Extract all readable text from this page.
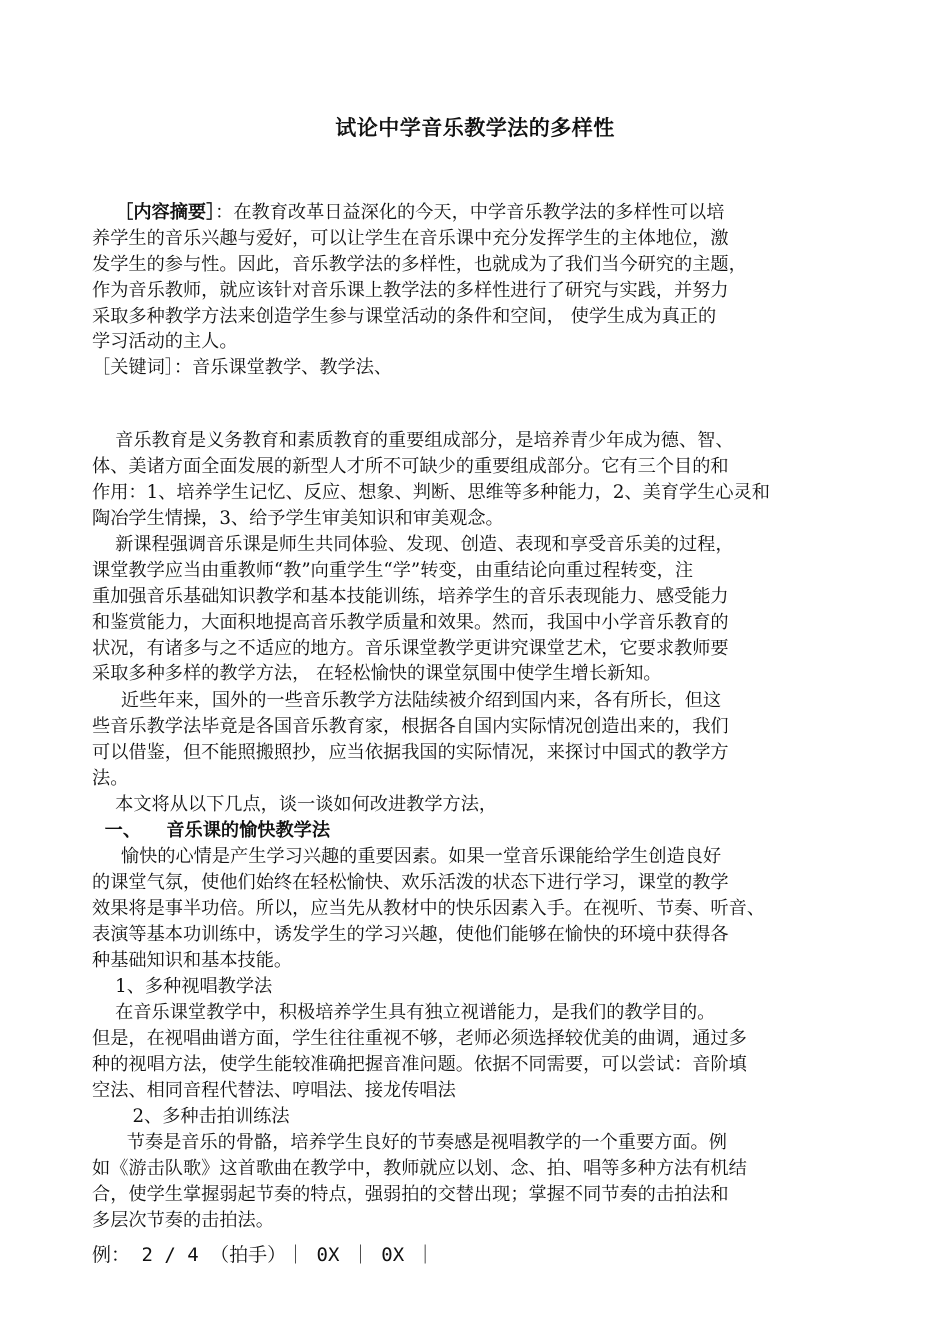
试论中学音乐教学法的多样性
［内容摘要］：在教育改革日益深化的今天，中学音乐教学法的多样性可以培
养学生的音乐兴趣与爱好，可以让学生在音乐课中充分发挥学生的主体地位，激
发学生的参与性。因此，音乐教学法的多样性，也就成为了我们当今研究的主题，
作为音乐教师，就应该针对音乐课上教学法的多样性进行了研究与实践，并努力
采取多种教学方法来创造学生参与课堂活动的条件和空间， 使学生成为真正的
学习活动的主人。
［关键词］：音乐课堂教学、教学法、
音乐教育是义务教育和素质教育的重要组成部分，是培养青少年成为德、智、
体、美诸方面全面发展的新型人才所不可缺少的重要组成部分。它有三个目的和
作用：1、培养学生记忆、反应、想象、判断、思维等多种能力，2、美育学生心灵和
陶冶学生情操，3、给予学生审美知识和审美观念。
新课程强调音乐课是师生共同体验、发现、创造、表现和享受音乐美的过程，
课堂教学应当由重教师“教”向重学生“学”转变，由重结论向重过程转变，注
重加强音乐基础知识教学和基本技能训练，培养学生的音乐表现能力、感受能力
和鉴赏能力，大面积地提高音乐教学质量和效果。然而，我国中小学音乐教育的
状况，有诸多与之不适应的地方。音乐课堂教学更讲究课堂艺术，它要求教师要
采取多种多样的教学方法， 在轻松愉快的课堂氛围中使学生增长新知。
近些年来，国外的一些音乐教学方法陆续被介绍到国内来，各有所长，但这
些音乐教学法毕竟是各国音乐教育家，根据各自国内实际情况创造出来的，我们
可以借鉴，但不能照搬照抄，应当依据我国的实际情况，来探讨中国式的教学方
法。
本文将从以下几点，谈一谈如何改进教学方法，
一、    音乐课的愉快教学法
愉快的心情是产生学习兴趣的重要因素。如果一堂音乐课能给学生创造良好
的课堂气氛，使他们始终在轻松愉快、欢乐活泼的状态下进行学习，课堂的教学
效果将是事半功倍。所以，应当先从教材中的快乐因素入手。在视听、节奏、听音、
表演等基本功训练中，诱发学生的学习兴趣，使他们能够在愉快的环境中获得各
种基础知识和基本技能。
1、多种视唱教学法
在音乐课堂教学中，积极培养学生具有独立视谱能力，是我们的教学目的。
但是，在视唱曲谱方面，学生往往重视不够，老师必须选择较优美的曲调，通过多
种的视唱方法，使学生能较准确把握音准问题。依据不同需要，可以尝试：音阶填
空法、相同音程代替法、哼唱法、接龙传唱法
2、多种击拍训练法
节奏是音乐的骨骼，培养学生良好的节奏感是视唱教学的一个重要方面。例
如《游击队歌》这首歌曲在教学中，教师就应以划、念、拍、唱等多种方法有机结
合，使学生掌握弱起节奏的特点，强弱拍的交替出现；掌握不同节奏的击拍法和
多层次节奏的击拍法。
例： 2 / 4 （拍手）｜ 0X ｜ 0X ｜
